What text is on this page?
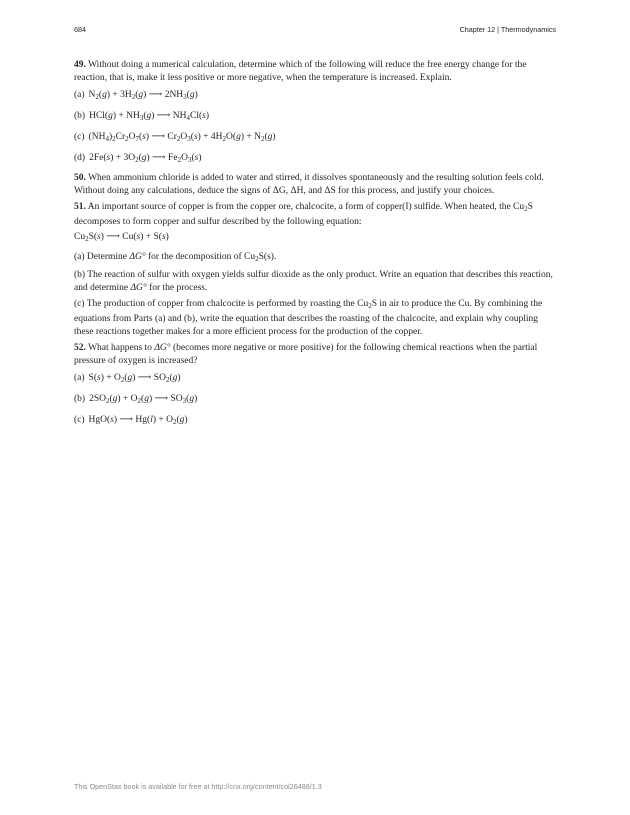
684	Chapter 12 | Thermodynamics
49. Without doing a numerical calculation, determine which of the following will reduce the free energy change for the reaction, that is, make it less positive or more negative, when the temperature is increased. Explain.
(a) $N_2(g) + 3H_2(g)$ ⟶ $2NH_3(g)$
(b) $HCl(g) + NH_3(g)$ ⟶ $NH_4Cl(s)$
(c) $(NH_4)_2Cr_2O_7(s)$ ⟶ $Cr_2O_3(s) + 4H_2O(g) + N_2(g)$
(d) $2Fe(s) + 3O_2(g)$ ⟶ $Fe_2O_3(s)$
50. When ammonium chloride is added to water and stirred, it dissolves spontaneously and the resulting solution feels cold. Without doing any calculations, deduce the signs of ΔG, ΔH, and ΔS for this process, and justify your choices.
51. An important source of copper is from the copper ore, chalcocite, a form of copper(I) sulfide. When heated, the $Cu_2S$ decomposes to form copper and sulfur described by the following equation:
$Cu_2S(s)$ ⟶ Cu(s) + S(s)
(a) Determine ΔG° for the decomposition of $Cu_2S(s)$.
(b) The reaction of sulfur with oxygen yields sulfur dioxide as the only product. Write an equation that describes this reaction, and determine ΔG° for the process.
(c) The production of copper from chalcocite is performed by roasting the $Cu_2S$ in air to produce the Cu. By combining the equations from Parts (a) and (b), write the equation that describes the roasting of the chalcocite, and explain why coupling these reactions together makes for a more efficient process for the production of the copper.
52. What happens to ΔG° (becomes more negative or more positive) for the following chemical reactions when the partial pressure of oxygen is increased?
(a) $S(s) + O_2(g)$ ⟶ $SO_2(g)$
(b) $2SO_2(g) + O_2(g)$ ⟶ $SO_3(g)$
(c) HgO(s) ⟶ $Hg(l) + O_2(g)$
This OpenStax book is available for free at http://cnx.org/content/col26488/1.3
